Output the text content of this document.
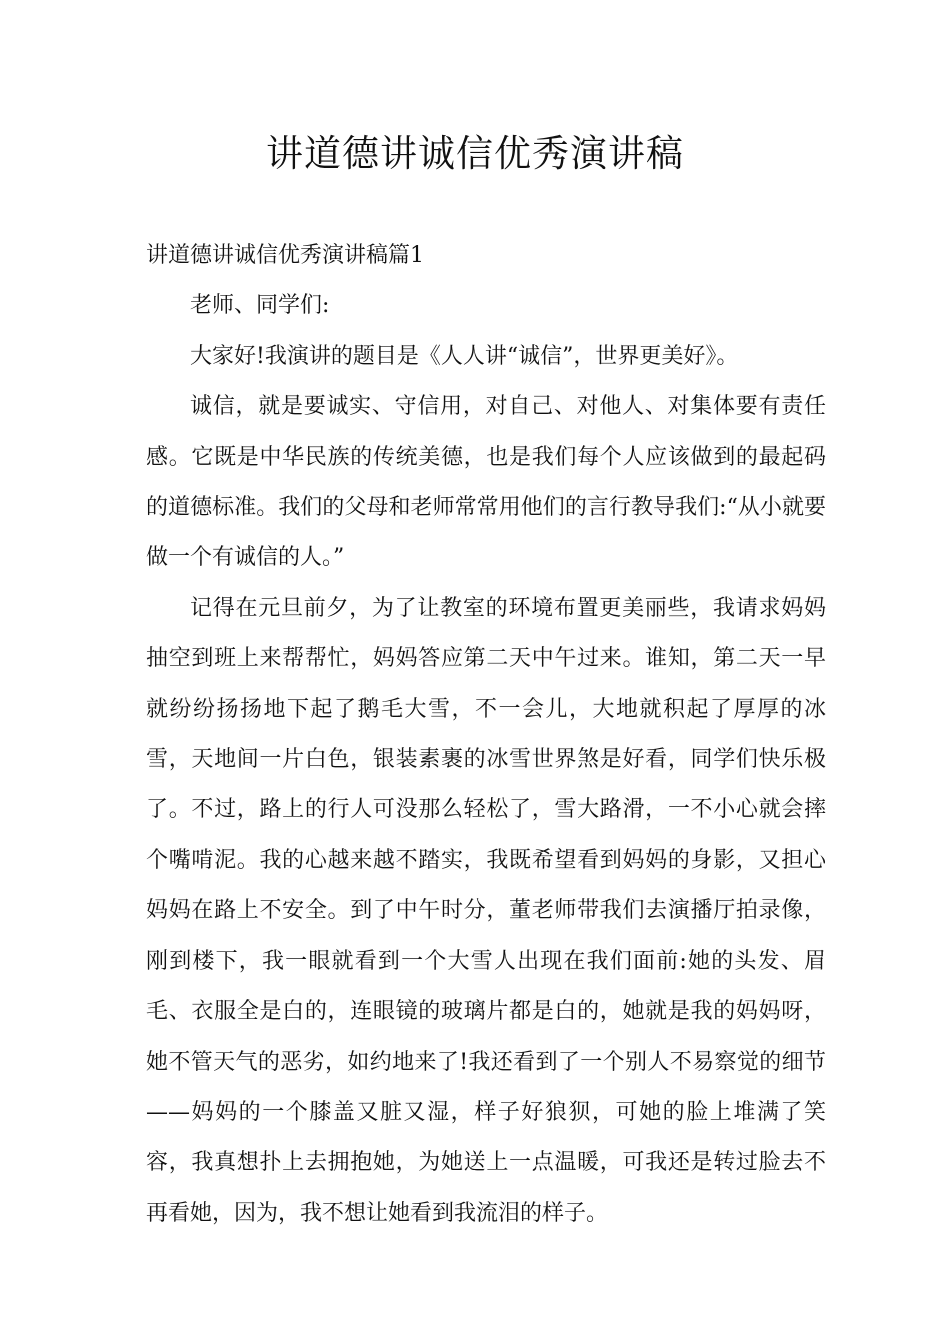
讲道德讲诚信优秀演讲稿

讲道德讲诚信优秀演讲稿篇1

老师、同学们:

大家好!我演讲的题目是《人人讲“诚信”，世界更美好》。

诚信，就是要诚实、守信用，对自己、对他人、对集体要有责任感。它既是中华民族的传统美德，也是我们每个人应该做到的最起码的道德标准。我们的父母和老师常常用他们的言行教导我们:“从小就要做一个有诚信的人。”

记得在元旦前夕，为了让教室的环境布置更美丽些，我请求妈妈抽空到班上来帮帮忙，妈妈答应第二天中午过来。谁知，第二天一早就纷纷扬扬地下起了鹅毛大雪，不一会儿，大地就积起了厚厚的冰雪，天地间一片白色，银装素裹的冰雪世界煞是好看，同学们快乐极了。不过，路上的行人可没那么轻松了，雪大路滑，一不小心就会摔个嘴啃泥。我的心越来越不踏实，我既希望看到妈妈的身影，又担心妈妈在路上不安全。到了中午时分，董老师带我们去演播厅拍录像，刚到楼下，我一眼就看到一个大雪人出现在我们面前:她的头发、眉毛、衣服全是白的，连眼镜的玻璃片都是白的，她就是我的妈妈呀，她不管天气的恶劣，如约地来了!我还看到了一个别人不易察觉的细节——妈妈的一个膝盖又脏又湿，样子好狼狈，可她的脸上堆满了笑容，我真想扑上去拥抱她，为她送上一点温暖，可我还是转过脸去不再看她，因为，我不想让她看到我流泪的样子。
